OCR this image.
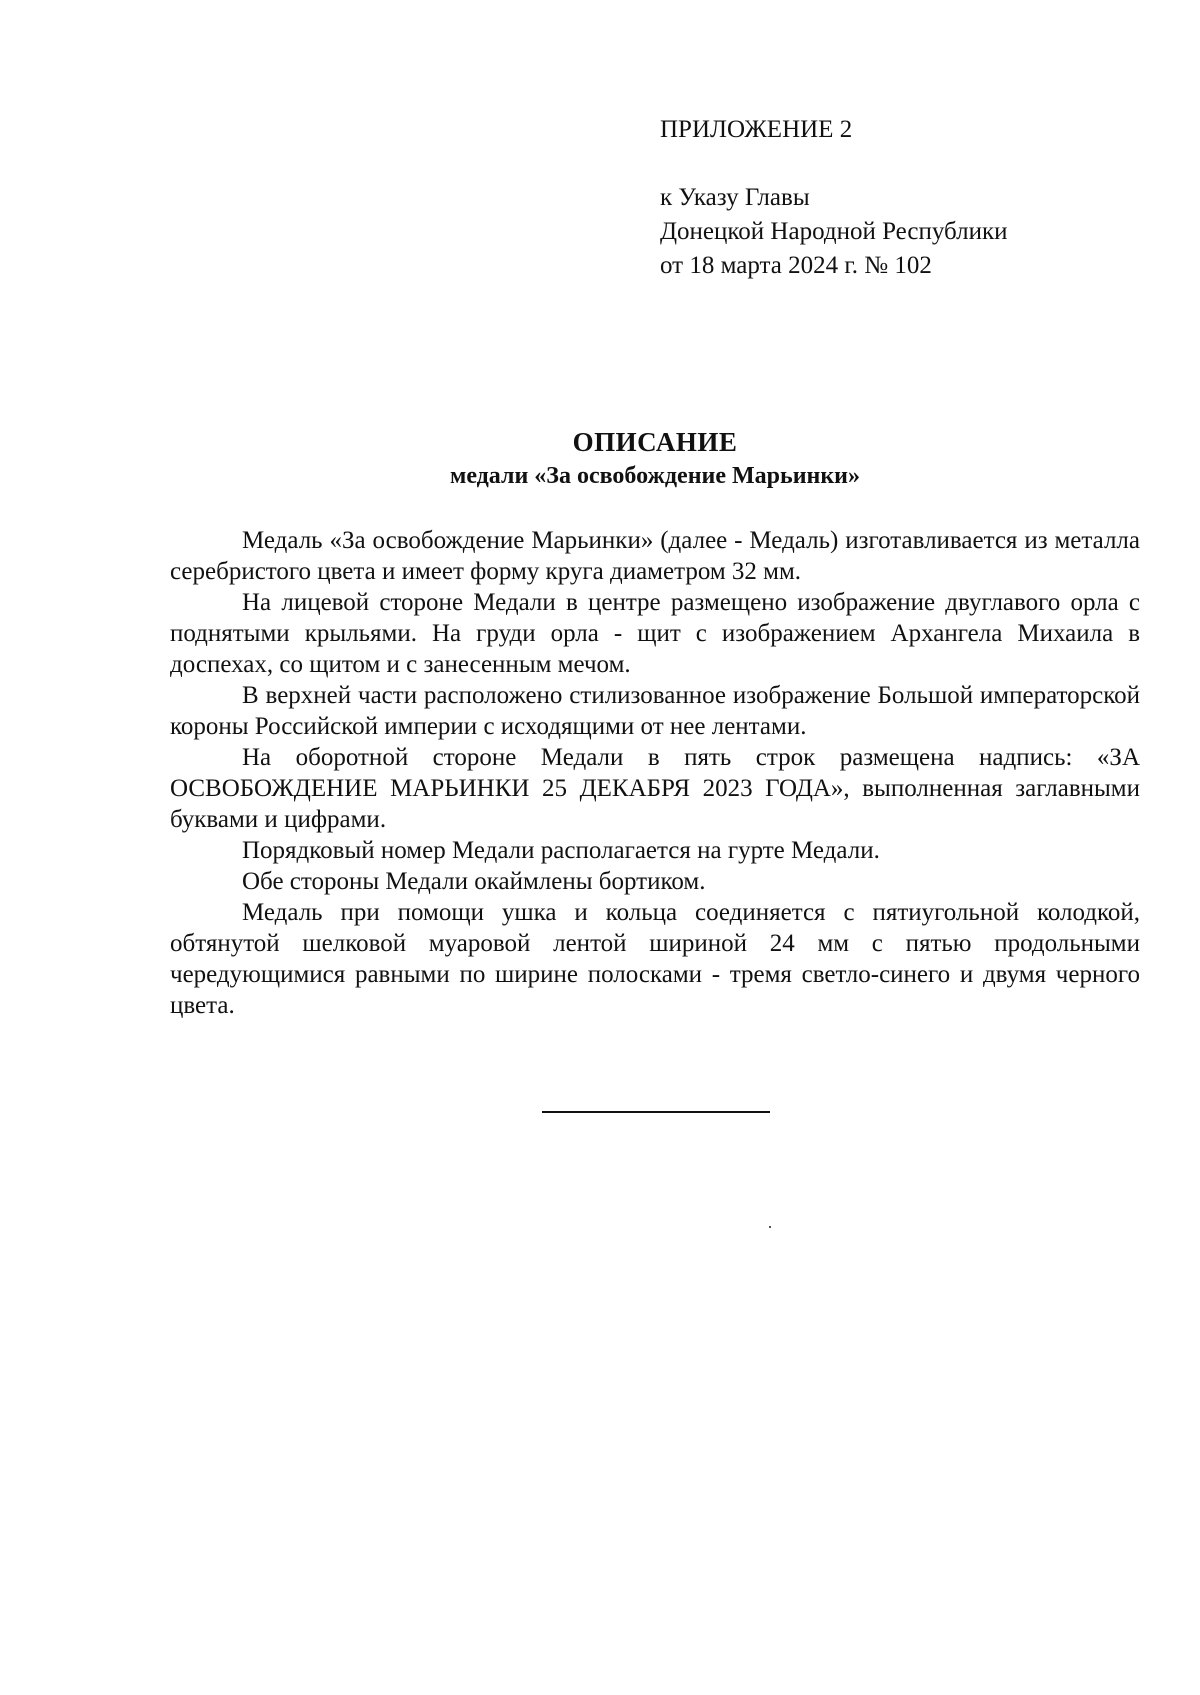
ПРИЛОЖЕНИЕ 2
к Указу Главы
Донецкой Народной Республики
от 18 марта 2024 г. № 102
ОПИСАНИЕ
медали «За освобождение Марьинки»

Медаль «За освобождение Марьинки» (далее - Медаль) изготавливается из металла серебристого цвета и имеет форму круга диаметром 32 мм.

На лицевой стороне Медали в центре размещено изображение двуглавого орла с поднятыми крыльями. На груди орла - щит с изображением Архангела Михаила в доспехах, со щитом и с занесенным мечом.

В верхней части расположено стилизованное изображение Большой императорской короны Российской империи с исходящими от нее лентами.

На оборотной стороне Медали в пять строк размещена надпись: «ЗА ОСВОБОЖДЕНИЕ МАРЬИНКИ 25 ДЕКАБРЯ 2023 ГОДА», выполненная заглавными буквами и цифрами.

Порядковый номер Медали располагается на гурте Медали.

Обе стороны Медали окаймлены бортиком.

Медаль при помощи ушка и кольца соединяется с пятиугольной колодкой, обтянутой шелковой муаровой лентой шириной 24 мм с пятью продольными чередующимися равными по ширине полосками - тремя светло-синего и двумя черного цвета.
